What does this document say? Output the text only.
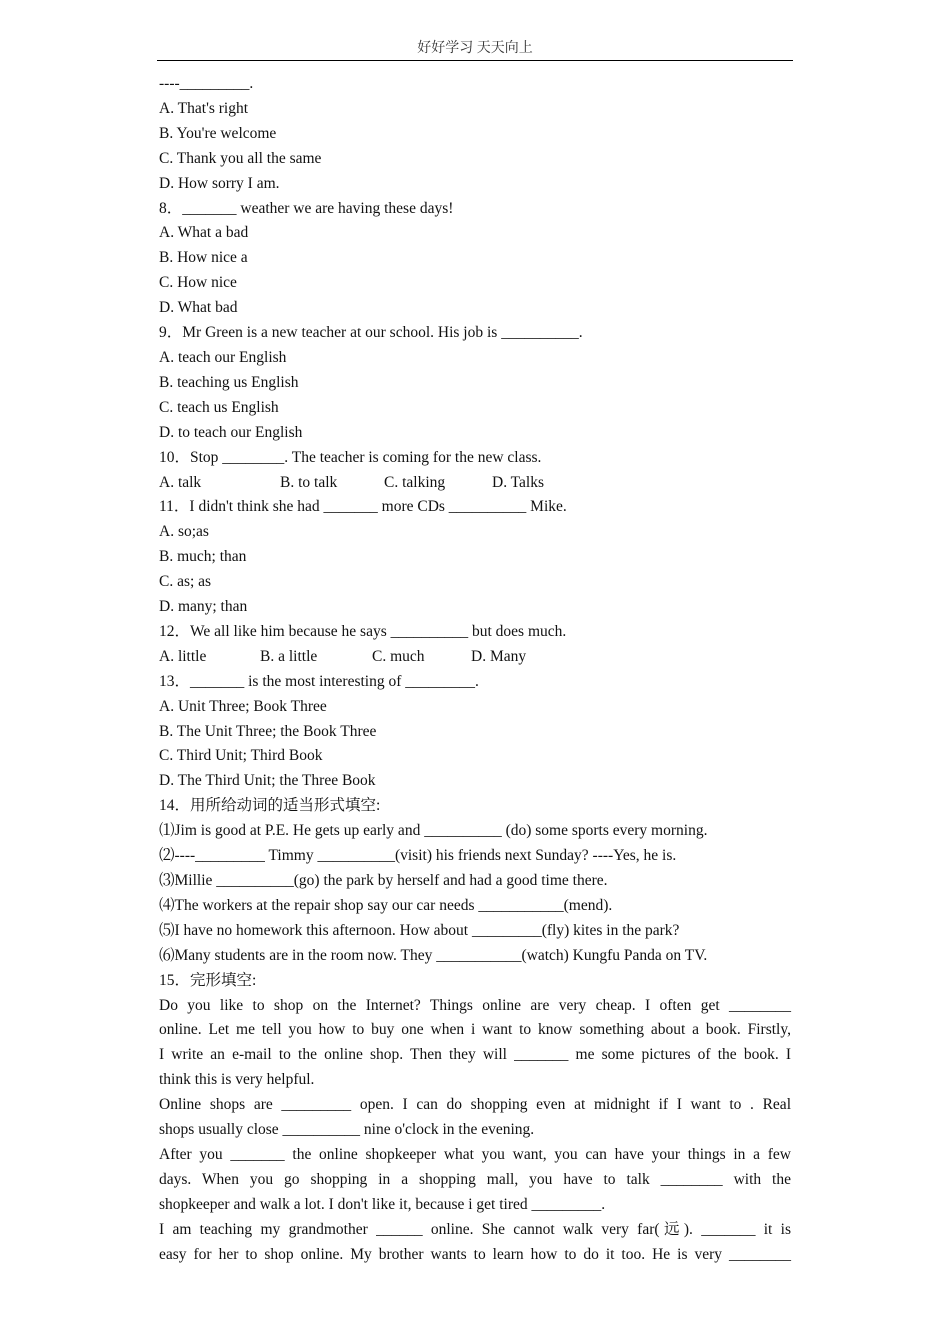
好好学习 天天向上
----_________.
A. That's right
B. You're welcome
C. Thank you all the same
D. How sorry I am.
8．_______ weather we are having these days!
A. What a bad
B. How nice a
C. How nice
D. What bad
9．Mr Green is a new teacher at our school. His job is __________.
A. teach our English
B. teaching us English
C. teach us English
D. to teach our English
10．Stop ________. The teacher is coming for the new class.
A. talk	B. to talk	C. talking	D. Talks
11．I didn't think she had _______ more CDs __________ Mike.
A. so;as
B. much; than
C. as; as
D. many; than
12．We all like him because he says __________ but does much.
A. little	B. a little	C. much	D. Many
13．_______ is the most interesting of _________.
A. Unit Three; Book Three
B. The Unit Three; the Book Three
C. Third Unit; Third Book
D. The Third Unit; the Three Book
14．用所给动词的适当形式填空:
⑴Jim is good at P.E. He gets up early and __________ (do) some sports every morning.
⑵----_________ Timmy __________(visit) his friends next Sunday? ----Yes, he is.
⑶Millie __________(go) the park by herself and had a good time there.
⑷The workers at the repair shop say our car needs ___________(mend).
⑸I have no homework this afternoon. How about _________(fly) kites in the park?
⑹Many students are in the room now. They ___________(watch) Kungfu Panda on TV.
15．完形填空:
Do you like to shop on the Internet? Things online are very cheap. I often get ________
online. Let me tell you how to buy one when i want to know something about a book. Firstly,
I write an e-mail to the online shop. Then they will _______ me some pictures of the book. I
think this is very helpful.
Online shops are _________ open. I can do shopping even at midnight if I want to . Real
shops usually close __________ nine o'clock in the evening.
After you _______ the online shopkeeper what you want, you can have your things in a few
days. When you go shopping in a shopping mall, you have to talk ________ with the
shopkeeper and walk a lot. I don't like it, because i get tired _________.
I am teaching my grandmother ______ online. She cannot walk very far(远). _______ it is
easy for her to shop online. My brother wants to learn how to do it too. He is very ________
